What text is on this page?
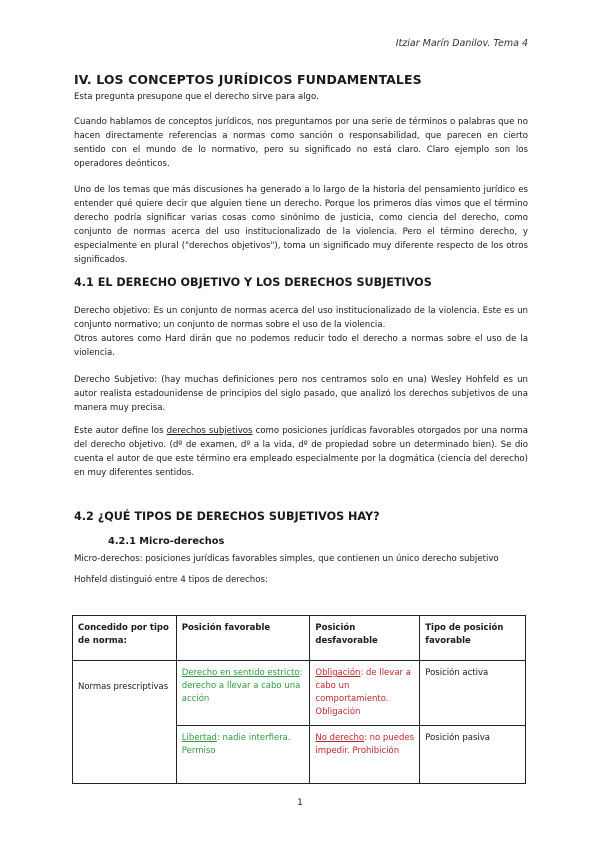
Itziar Marín Danilov. Tema 4
IV. LOS CONCEPTOS JURÍDICOS FUNDAMENTALES
Esta pregunta presupone que el derecho sirve para algo.
Cuando hablamos de conceptos jurídicos, nos preguntamos por una serie de términos o palabras que no hacen directamente referencias a normas como sanción o responsabilidad, que parecen en cierto sentido con el mundo de lo normativo, pero su significado no está claro. Claro ejemplo son los operadores deónticos.
Uno de los temas que más discusiones ha generado a lo largo de la historia del pensamiento jurídico es entender qué quiere decir que alguien tiene un derecho. Porque los primeros días vimos que el término derecho podría significar varias cosas como sinónimo de justicia, como ciencia del derecho, como conjunto de normas acerca del uso institucionalizado de la violencia. Pero el término derecho, y especialmente en plural ("derechos objetivos"), toma un significado muy diferente respecto de los otros significados.
4.1 EL DERECHO OBJETIVO Y LOS DERECHOS SUBJETIVOS
Derecho objetivo: Es un conjunto de normas acerca del uso institucionalizado de la violencia. Este es un conjunto normativo; un conjunto de normas sobre el uso de la violencia.
Otros autores como Hard dirán que no podemos reducir todo el derecho a normas sobre el uso de la violencia.
Derecho Subjetivo: (hay muchas definiciones pero nos centramos solo en una) Wesley Hohfeld es un autor realista estadounidense de principios del siglo pasado, que analizó los derechos subjetivos de una manera muy precisa.
Este autor define los derechos subjetivos como posiciones jurídicas favorables otorgados por una norma del derecho objetivo. (dº de examen, dº a la vida, dº de propiedad sobre un determinado bien). Se dio cuenta el autor de que este término era empleado especialmente por la dogmática (ciencia del derecho) en muy diferentes sentidos.
4.2 ¿QUÉ TIPOS DE DERECHOS SUBJETIVOS HAY?
4.2.1 Micro-derechos
Micro-derechos: posiciones jurídicas favorables simples, que contienen un único derecho subjetivo
Hohfeld distinguió entre 4 tipos de derechos:
Concedido por tipo de norma:	Posición favorable	Posición desfavorable	Tipo de posición favorable
Normas prescriptivas	Derecho en sentido estricto: derecho a llevar a cabo una acción	Obligación: de llevar a cabo un comportamiento. Obligación	Posición activa
	Libertad: nadie interfiera. Permiso	No derecho: no puedes impedir. Prohibición	Posición pasiva
1
